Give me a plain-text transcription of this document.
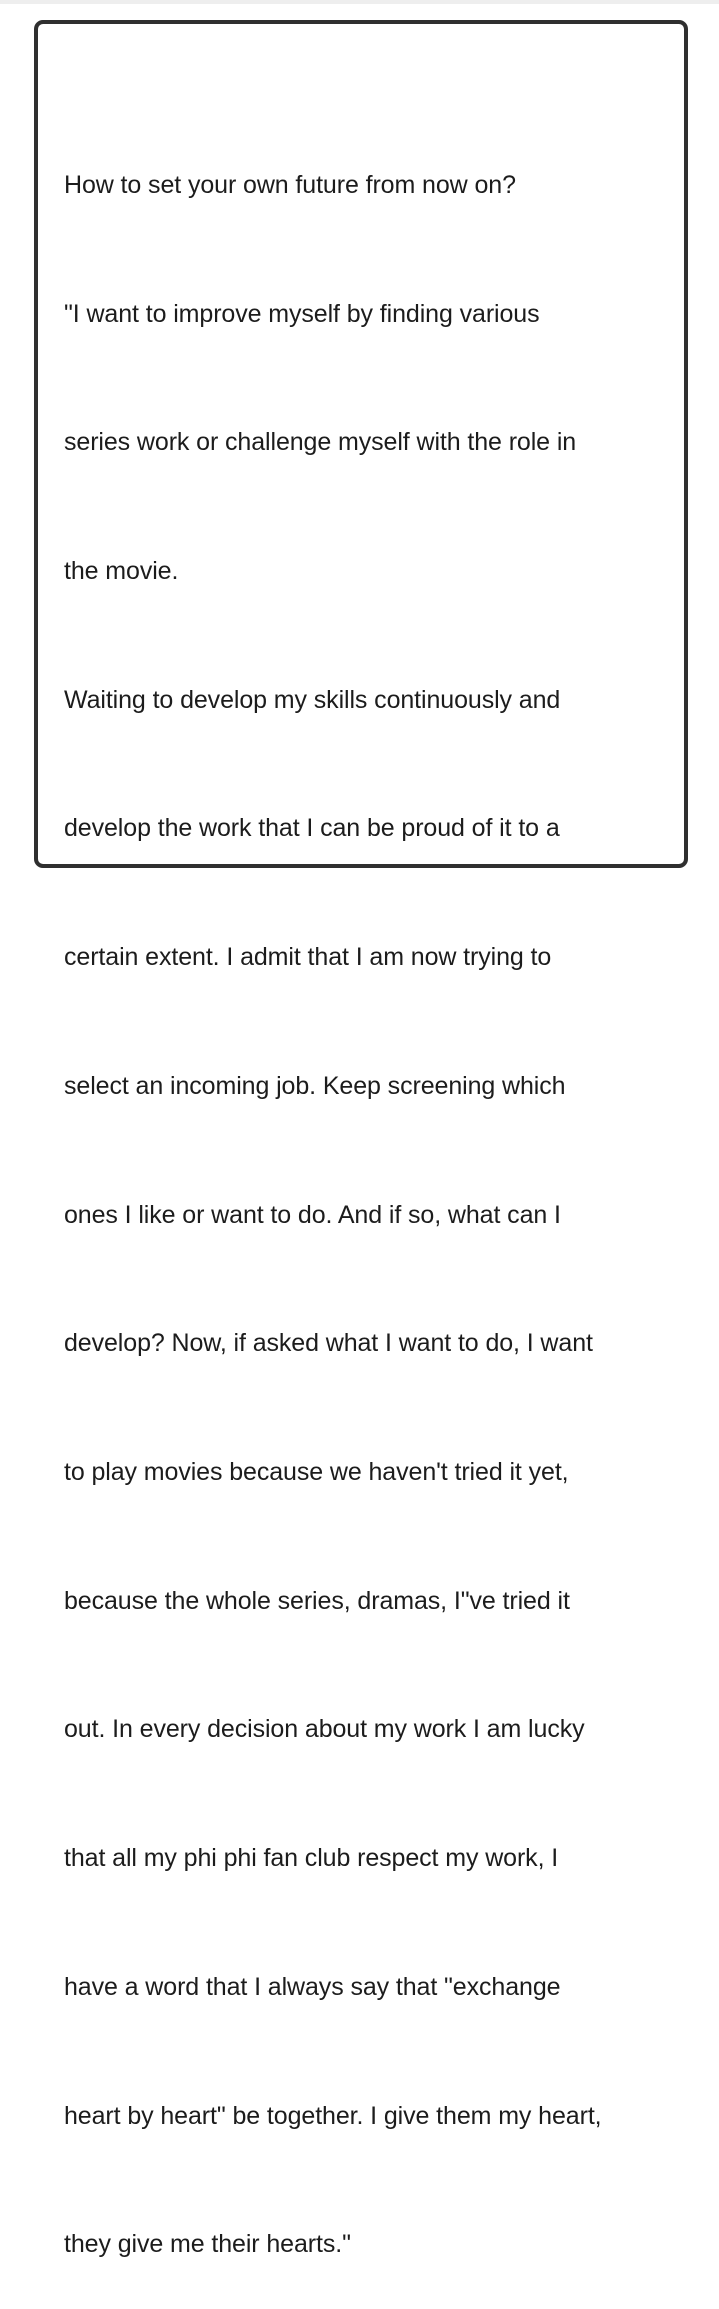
How to set your own future from now on?

"I want to improve myself by finding various

series work or challenge myself with the role in

the movie.

Waiting to develop my skills continuously and

develop the work that I can be proud of it to a

certain extent. I admit that I am now trying to

select an incoming job. Keep screening which

ones I like or want to do. And if so, what can I

develop? Now, if asked what I want to do, I want

to play movies because we haven't tried it yet,

because the whole series, dramas, I"ve tried it

out. In every decision about my work I am lucky

that all my phi phi fan club respect my work, I

have a word that I always say that "exchange

heart by heart" be together. I give them my heart,

they give me their hearts."
